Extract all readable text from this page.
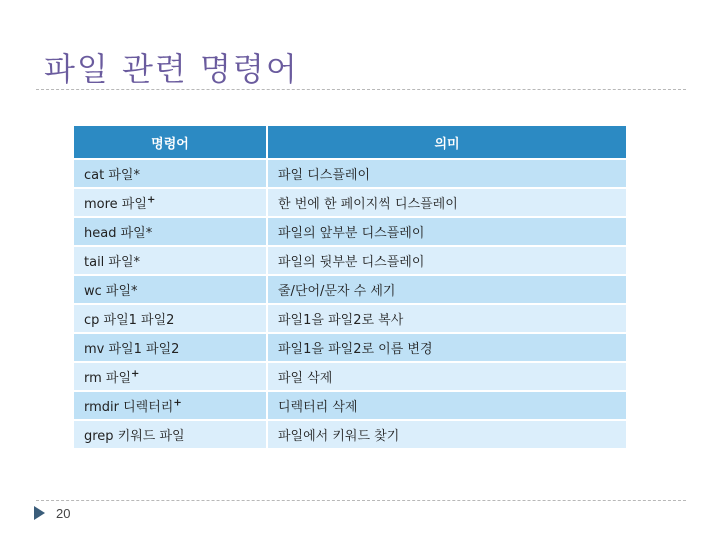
파일 관련 명령어
명령어	의미
cat 파일*	파일 디스플레이
more 파일+	한 번에 한 페이지씩 디스플레이
head 파일*	파일의 앞부분 디스플레이
tail 파일*	파일의 뒷부분 디스플레이
wc 파일*	줄/단어/문자 수 세기
cp 파일1 파일2	파일1을 파일2로 복사
mv 파일1 파일2	파일1을 파일2로 이름 변경
rm 파일+	파일 삭제
rmdir 디렉터리+	디렉터리 삭제
grep 키워드 파일	파일에서 키워드 찾기
20
